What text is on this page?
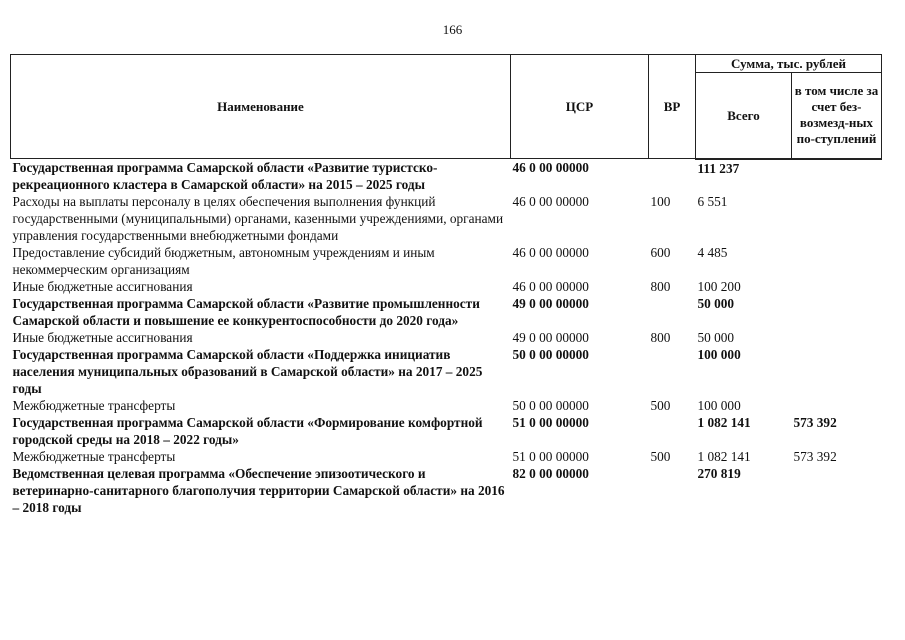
166
Наименование	ЦСР	ВР	Сумма, тыс. рублей	
			Всего	в том числе за счет без-возмезд-ных по-ступлений
Государственная программа Самарской области «Развитие туристско-рекреационного кластера в Самарской области» на 2015 – 2025 годы	46 0 00 00000		111 237	
Расходы на выплаты персоналу в целях обеспечения выполнения функций государственными (муниципальными) органами, казенными учреждениями, органами управления государственными внебюджетными фондами	46 0 00 00000	100	6 551	
Предоставление субсидий бюджетным, автономным учреждениям и иным некоммерческим организациям	46 0 00 00000	600	4 485	
Иные бюджетные ассигнования	46 0 00 00000	800	100 200	
Государственная программа Самарской области «Развитие промышленности Самарской области и повышение ее конкурентоспособности до 2020 года»	49 0 00 00000		50 000	
Иные бюджетные ассигнования	49 0 00 00000	800	50 000	
Государственная программа Самарской области «Поддержка инициатив населения муниципальных образований в Самарской области» на 2017 – 2025 годы	50 0 00 00000		100 000	
Межбюджетные трансферты	50 0 00 00000	500	100 000	
Государственная программа Самарской области «Формирование комфортной городской среды на 2018 – 2022 годы»	51 0 00 00000		1 082 141	573 392
Межбюджетные трансферты	51 0 00 00000	500	1 082 141	573 392
Ведомственная целевая программа «Обеспечение эпизоотического и ветеринарно-санитарного благополучия территории Самарской области» на 2016 – 2018 годы	82 0 00 00000		270 819	
